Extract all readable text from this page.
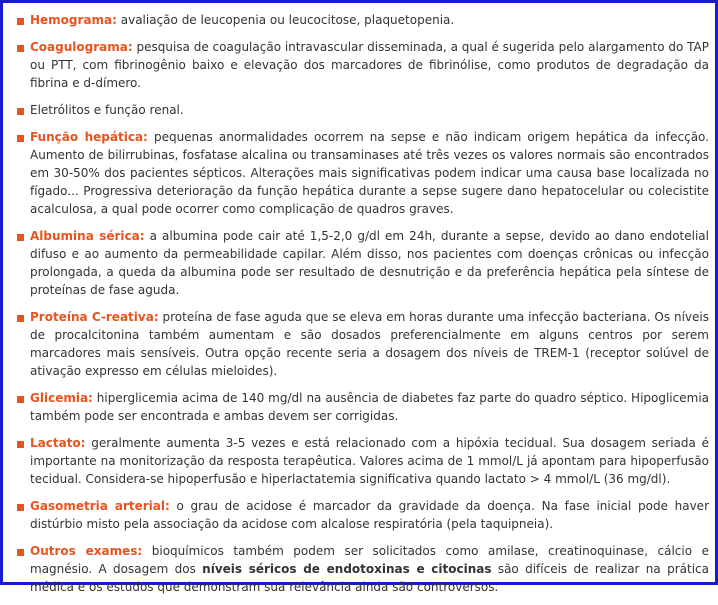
Hemograma: avaliação de leucopenia ou leucocitose, plaquetopenia.

Coagulograma: pesquisa de coagulação intravascular disseminada, a qual é sugerida pelo alargamento do TAP ou PTT, com fibrinogênio baixo e elevação dos marcadores de fibrinólise, como produtos de degradação da fibrina e d-dímero.

Eletrólitos e função renal.

Função hepática: pequenas anormalidades ocorrem na sepse e não indicam origem hepática da infecção. Aumento de bilirrubinas, fosfatase alcalina ou transaminases até três vezes os valores normais são encontrados em 30-50% dos pacientes sépticos. Alterações mais significativas podem indicar uma causa base localizada no fígado... Progressiva deterioração da função hepática durante a sepse sugere dano hepatocelular ou colecistite acalculosa, a qual pode ocorrer como complicação de quadros graves.

Albumina sérica: a albumina pode cair até 1,5-2,0 g/dl em 24h, durante a sepse, devido ao dano endotelial difuso e ao aumento da permeabilidade capilar. Além disso, nos pacientes com doenças crônicas ou infecção prolongada, a queda da albumina pode ser resultado de desnutrição e da preferência hepática pela síntese de proteínas de fase aguda.

Proteína C-reativa: proteína de fase aguda que se eleva em horas durante uma infecção bacteriana. Os níveis de procalcitonina também aumentam e são dosados preferencialmente em alguns centros por serem marcadores mais sensíveis. Outra opção recente seria a dosagem dos níveis de TREM-1 (receptor solúvel de ativação expresso em células mieloides).

Glicemia: hiperglicemia acima de 140 mg/dl na ausência de diabetes faz parte do quadro séptico. Hipoglicemia também pode ser encontrada e ambas devem ser corrigidas.

Lactato: geralmente aumenta 3-5 vezes e está relacionado com a hipóxia tecidual. Sua dosagem seriada é importante na monitorização da resposta terapêutica. Valores acima de 1 mmol/L já apontam para hipoperfusão tecidual. Considera-se hipoperfusão e hiperlactatemia significativa quando lactato > 4 mmol/L (36 mg/dl).

Gasometria arterial: o grau de acidose é marcador da gravidade da doença. Na fase inicial pode haver distúrbio misto pela associação da acidose com alcalose respiratória (pela taquipneia).

Outros exames: bioquímicos também podem ser solicitados como amilase, creatinoquinase, cálcio e magnésio. A dosagem dos níveis séricos de endotoxinas e citocinas são difíceis de realizar na prática médica e os estudos que demonstram sua relevância ainda são controversos.
